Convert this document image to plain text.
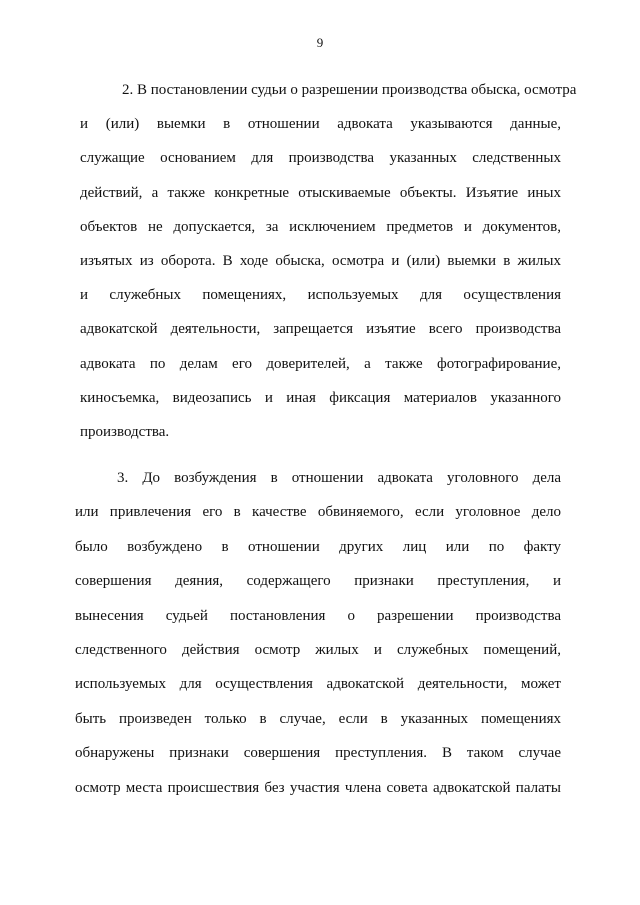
9
2. В постановлении судьи о разрешении производства обыска, осмотра
и (или) выемки в отношении адвоката указываются данные,
служащие основанием для производства указанных следственных
действий, а также конкретные отыскиваемые объекты. Изъятие иных
объектов не допускается, за исключением предметов и документов,
изъятых из оборота. В ходе обыска, осмотра и (или) выемки в жилых
и служебных помещениях, используемых для осуществления
адвокатской деятельности, запрещается изъятие всего производства
адвоката по делам его доверителей, а также фотографирование,
киносъемка, видеозапись и иная фиксация материалов указанного
производства.
3. До возбуждения в отношении адвоката уголовного дела
или привлечения его в качестве обвиняемого, если уголовное дело
было возбуждено в отношении других лиц или по факту
совершения деяния, содержащего признаки преступления, и
вынесения судьей постановления о разрешении производства
следственного действия осмотр жилых и служебных помещений,
используемых для осуществления адвокатской деятельности, может
быть произведен только в случае, если в указанных помещениях
обнаружены признаки совершения преступления. В таком случае
осмотр места происшествия без участия члена совета адвокатской палаты
